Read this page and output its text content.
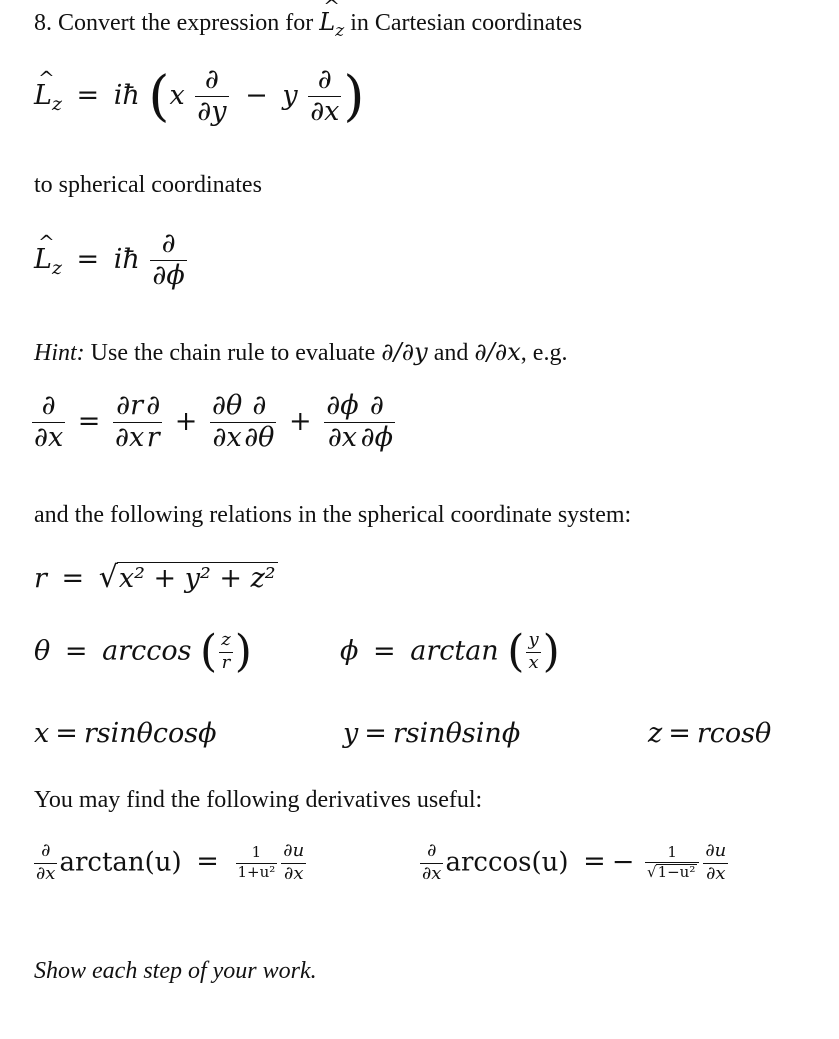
8. Convert the expression for ^ $L_z$ in Cartesian coordinates
^ $L_z$ = iħ ($x \frac{\partial}{\partial y} - y \frac{\partial}{\partial x}$ )
to spherical coordinates
^ $L_z$ = iħ $\frac{\partial}{\partial\phi}$
Hint: Use the chain rule to evaluate ∂/∂y and ∂/∂x, e.g.
$\frac{\partial}{\partial x} = \frac{\partial r}{\partial x}$
$\frac{\partial}{r} + \frac{\partial\theta}{\partial x}$
$\frac{\partial}{\partial\theta} + \frac{\partial\phi}{\partial x}$
$\frac{\partial}{\partial\phi}$
and the following relations in the spherical coordinate system:
r = √x² + y² + z²
θ = arccos ( $\frac{z}{r}$ )	ϕ = arctan ( $\frac{y}{x}$ )
x = rsinθcosϕ	y = rsinθsinϕ	z = rcosθ
You may find the following derivatives useful:
$\frac{\partial}{\partial x} \arctan(u) = \frac{1}{\text{1+u²}} \frac{\partial u}{\partial x}$	$\frac{\partial}{\partial x} \arccos(u)$ = − $\frac{1}{\text{√1−u²}} \frac{\partial u}{\partial x}$
Show each step of your work.
